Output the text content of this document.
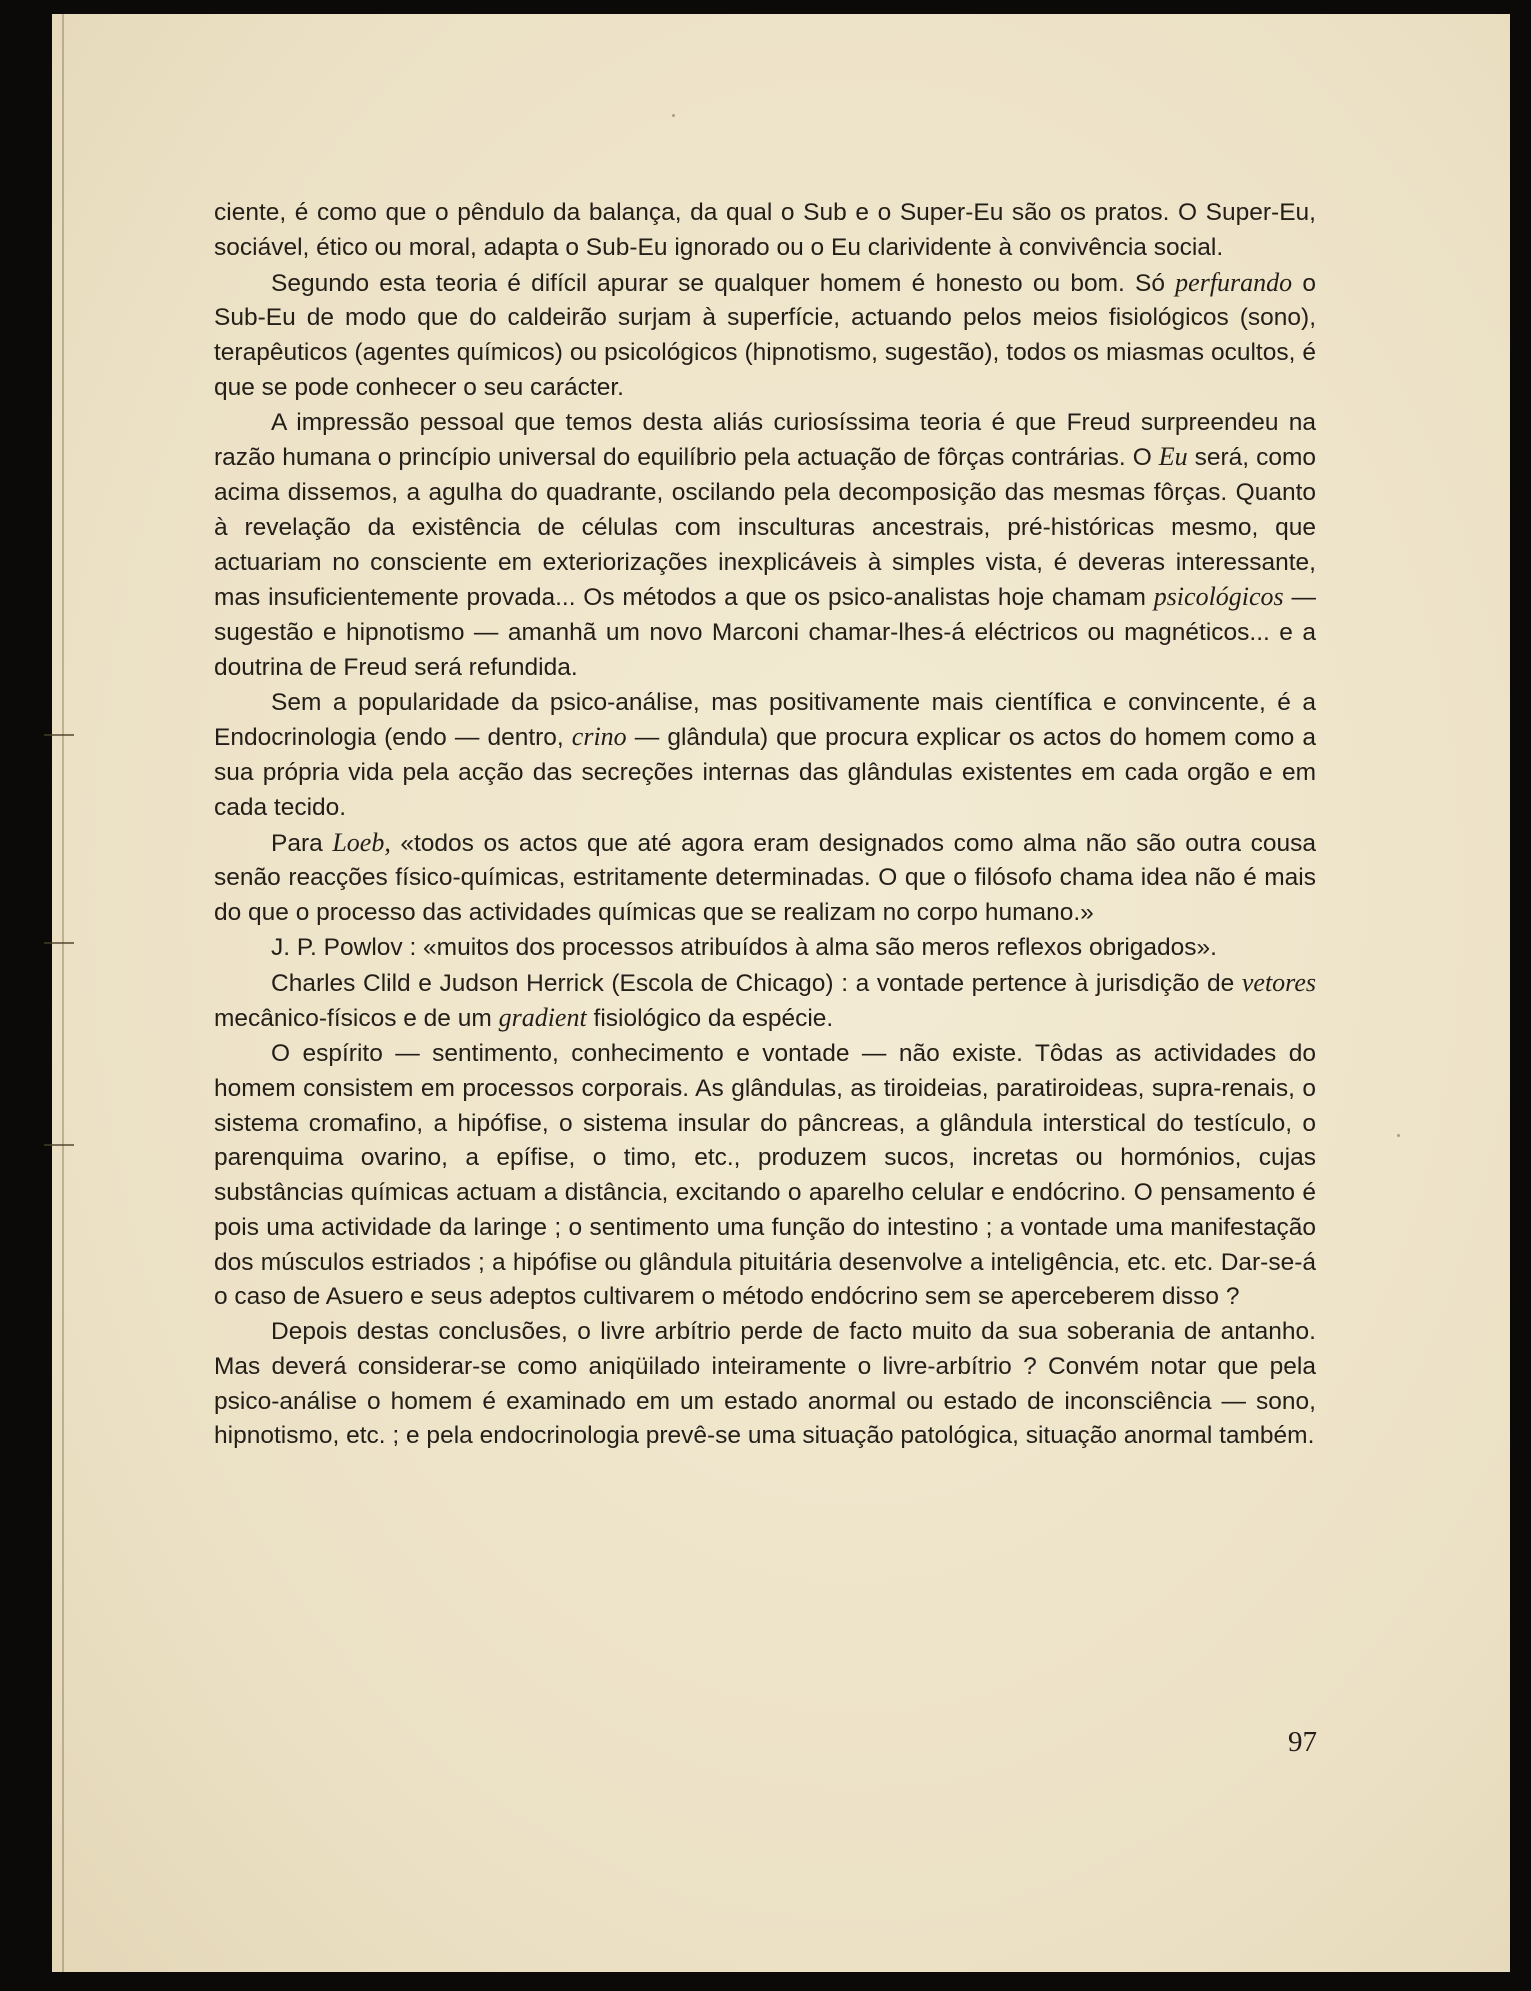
ciente, é como que o pêndulo da balança, da qual o Sub e o Super-Eu são os pratos. O Super-Eu, sociável, ético ou moral, adapta o Sub-Eu ignorado ou o Eu clarividente à convivência social.

Segundo esta teoria é difícil apurar se qualquer homem é honesto ou bom. Só perfurando o Sub-Eu de modo que do caldeirão surjam à superfície, actuando pelos meios fisiológicos (sono), terapêuticos (agentes químicos) ou psicológicos (hipnotismo, sugestão), todos os miasmas ocultos, é que se pode conhecer o seu carácter.

A impressão pessoal que temos desta aliás curiosíssima teoria é que Freud surpreendeu na razão humana o princípio universal do equilíbrio pela actuação de fôrças contrárias. O Eu será, como acima dissemos, a agulha do quadrante, oscilando pela decomposição das mesmas fôrças. Quanto à revelação da existência de células com insculturas ancestrais, pré-históricas mesmo, que actuariam no consciente em exteriorizações inexplicáveis à simples vista, é deveras interessante, mas insuficientemente provada... Os métodos a que os psico-analistas hoje chamam psicológicos — sugestão e hipnotismo — amanhã um novo Marconi chamar-lhes-á eléctricos ou magnéticos... e a doutrina de Freud será refundida.

Sem a popularidade da psico-análise, mas positivamente mais científica e convincente, é a Endocrinologia (endo — dentro, crino — glândula) que procura explicar os actos do homem como a sua própria vida pela acção das secreções internas das glândulas existentes em cada orgão e em cada tecido.

Para Loeb, «todos os actos que até agora eram designados como alma não são outra cousa senão reacções físico-químicas, estritamente determinadas. O que o filósofo chama idea não é mais do que o processo das actividades químicas que se realizam no corpo humano.»

J. P. Powlov : «muitos dos processos atribuídos à alma são meros reflexos obrigados».

Charles Clild e Judson Herrick (Escola de Chicago) : a vontade pertence à jurisdição de vetores mecânico-físicos e de um gradient fisiológico da espécie.

O espírito — sentimento, conhecimento e vontade — não existe. Tôdas as actividades do homem consistem em processos corporais. As glândulas, as tiroideias, paratiroideas, supra-renais, o sistema cromafino, a hipófise, o sistema insular do pâncreas, a glândula interstical do testículo, o parenquima ovarino, a epífise, o timo, etc., produzem sucos, incretas ou hormónios, cujas substâncias químicas actuam a distância, excitando o aparelho celular e endócrino. O pensamento é pois uma actividade da laringe ; o sentimento uma função do intestino ; a vontade uma manifestação dos músculos estriados ; a hipófise ou glândula pituitária desenvolve a inteligência, etc. etc. Dar-se-á o caso de Asuero e seus adeptos cultivarem o método endócrino sem se aperceberem disso ?

Depois destas conclusões, o livre arbítrio perde de facto muito da sua soberania de antanho. Mas deverá considerar-se como aniqüilado inteiramente o livre-arbítrio ? Convém notar que pela psico-análise o homem é examinado em um estado anormal ou estado de inconsciência — sono, hipnotismo, etc. ; e pela endocrinologia prevê-se uma situação patológica, situação anormal também.

97
